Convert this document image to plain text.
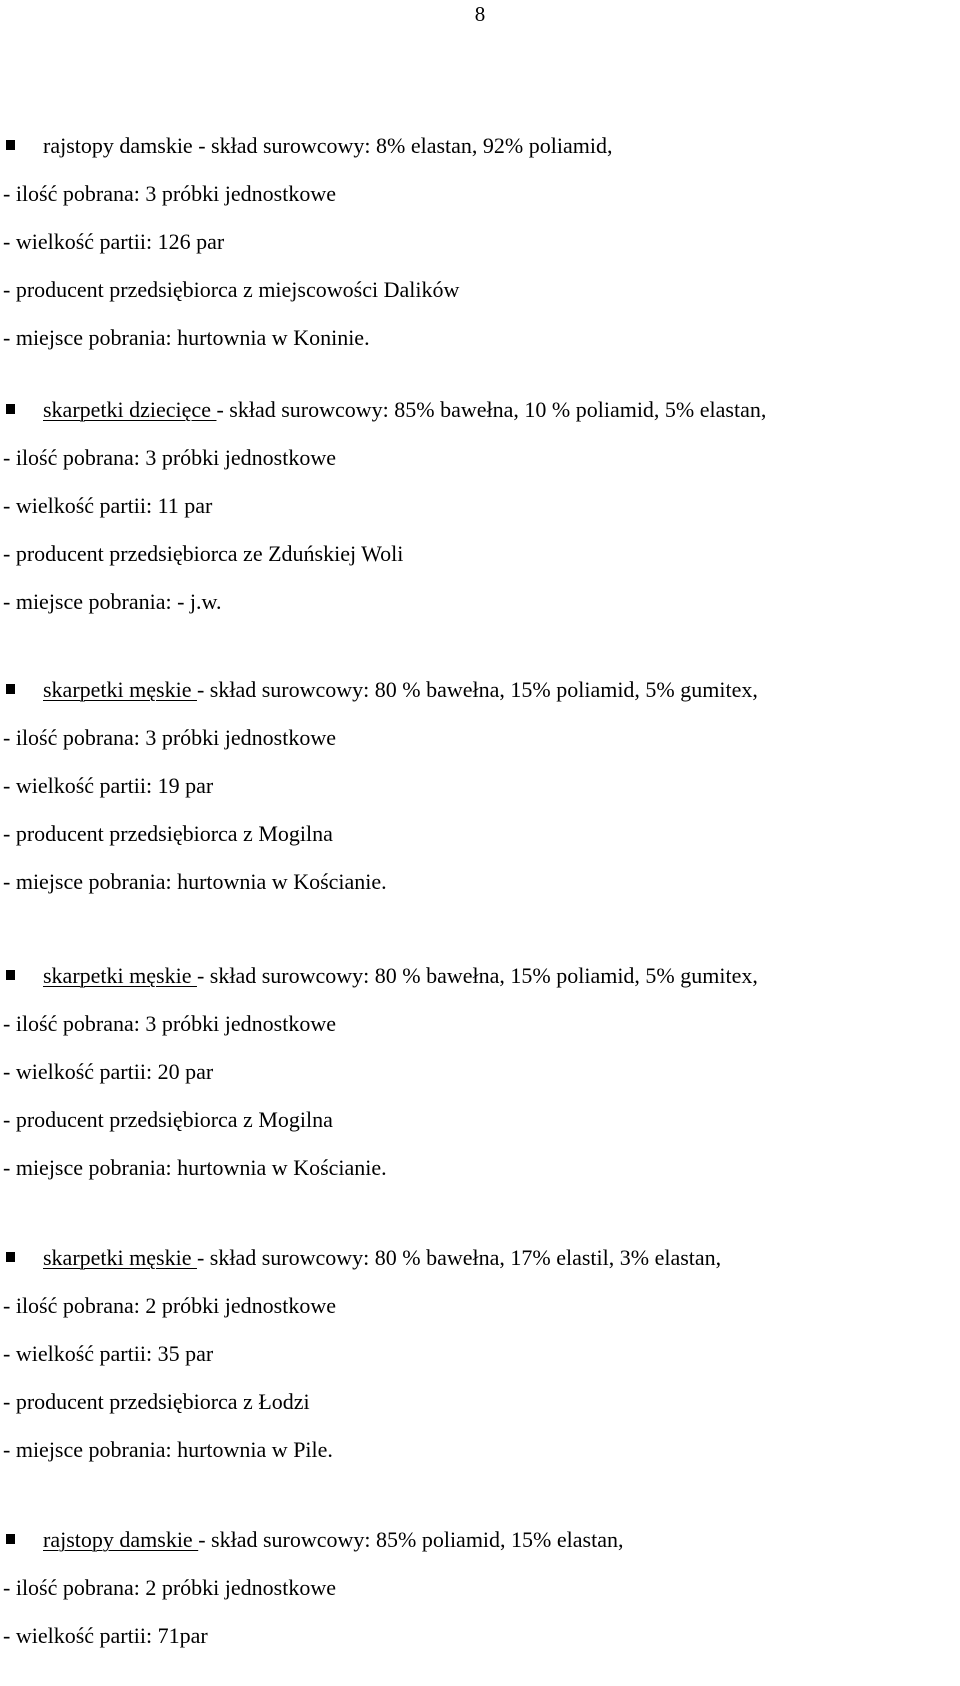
8
rajstopy damskie - skład surowcowy: 8% elastan, 92% poliamid,
- ilość pobrana: 3 próbki jednostkowe
- wielkość partii: 126 par
- producent przedsiębiorca z miejscowości Dalików
- miejsce pobrania: hurtownia w Koninie.
skarpetki dziecięce - skład surowcowy: 85% bawełna, 10 % poliamid, 5% elastan,
- ilość pobrana: 3 próbki jednostkowe
- wielkość partii: 11 par
- producent przedsiębiorca ze Zduńskiej Woli
- miejsce pobrania: - j.w.
skarpetki męskie - skład surowcowy: 80 % bawełna, 15% poliamid, 5% gumitex,
- ilość pobrana: 3 próbki jednostkowe
- wielkość partii: 19 par
- producent przedsiębiorca z Mogilna
- miejsce pobrania: hurtownia w Kościanie.
skarpetki męskie - skład surowcowy: 80 % bawełna, 15% poliamid, 5% gumitex,
- ilość pobrana: 3 próbki jednostkowe
- wielkość partii: 20 par
- producent przedsiębiorca z Mogilna
- miejsce pobrania: hurtownia w Kościanie.
skarpetki męskie - skład surowcowy: 80 % bawełna, 17% elastil, 3% elastan,
- ilość pobrana: 2 próbki jednostkowe
- wielkość partii: 35 par
- producent przedsiębiorca z Łodzi
- miejsce pobrania: hurtownia w Pile.
rajstopy damskie - skład surowcowy: 85% poliamid, 15% elastan,
- ilość pobrana: 2 próbki jednostkowe
- wielkość partii: 71par
